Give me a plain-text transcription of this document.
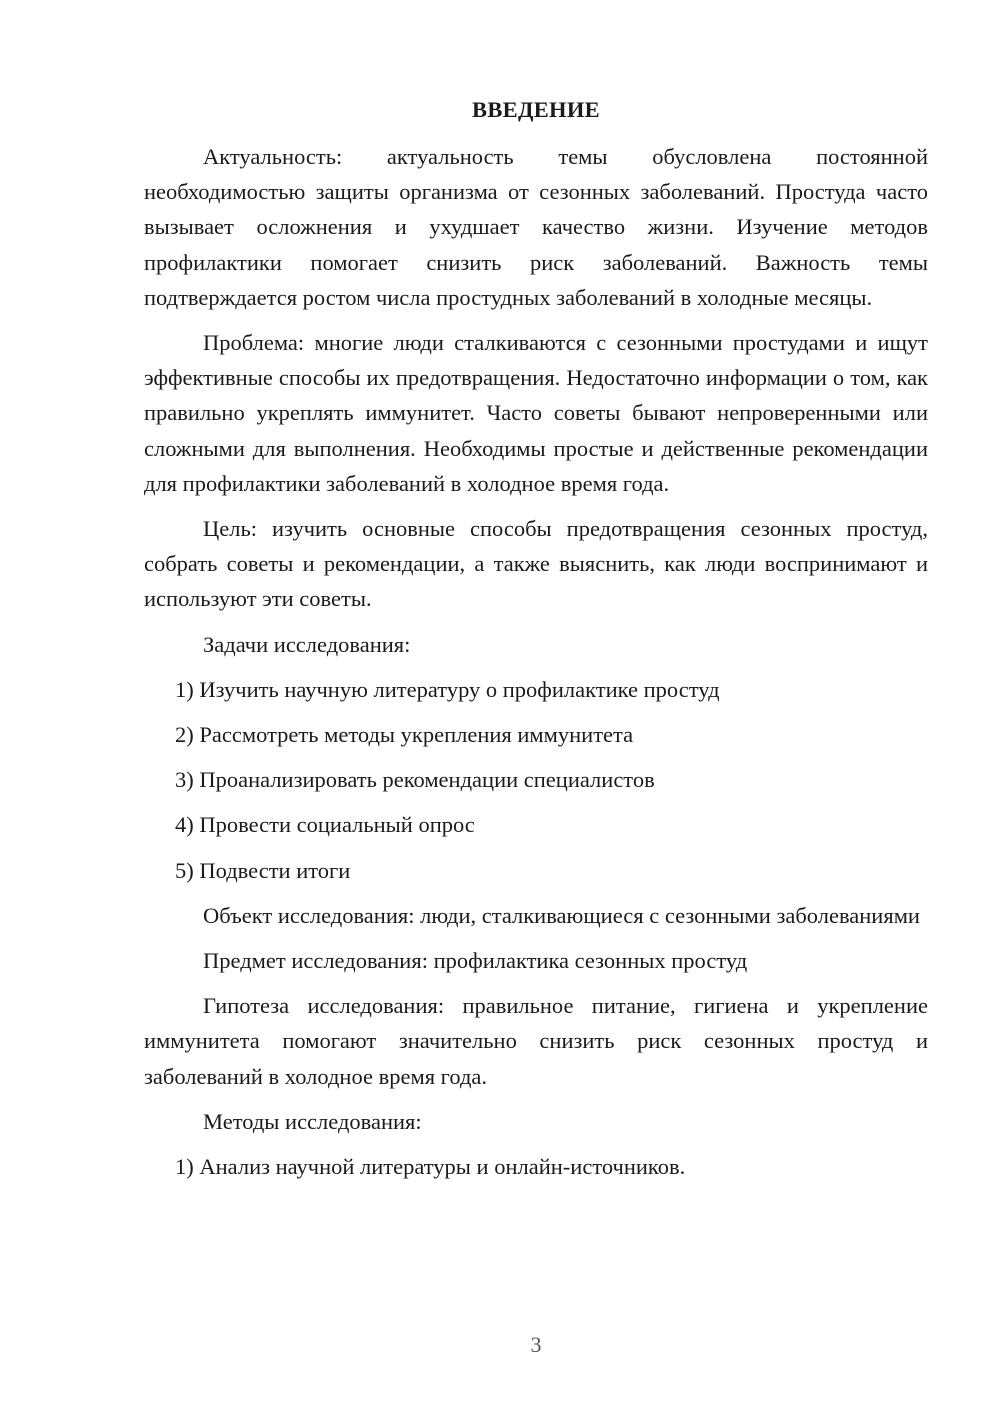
ВВЕДЕНИЕ

Актуальность: актуальность темы обусловлена постоянной необходимостью защиты организма от сезонных заболеваний. Простуда часто вызывает осложнения и ухудшает качество жизни. Изучение методов профилактики помогает снизить риск заболеваний. Важность темы подтверждается ростом числа простудных заболеваний в холодные месяцы.

Проблема: многие люди сталкиваются с сезонными простудами и ищут эффективные способы их предотвращения. Недостаточно информации о том, как правильно укреплять иммунитет. Часто советы бывают непроверенными или сложными для выполнения. Необходимы простые и действенные рекомендации для профилактики заболеваний в холодное время года.

Цель: изучить основные способы предотвращения сезонных простуд, собрать советы и рекомендации, а также выяснить, как люди воспринимают и используют эти советы.

Задачи исследования:

1) Изучить научную литературу о профилактике простуд
2) Рассмотреть методы укрепления иммунитета
3) Проанализировать рекомендации специалистов
4) Провести социальный опрос
5) Подвести итоги

Объект исследования: люди, сталкивающиеся с сезонными заболеваниями

Предмет исследования: профилактика сезонных простуд

Гипотеза исследования: правильное питание, гигиена и укрепление иммунитета помогают значительно снизить риск сезонных простуд и заболеваний в холодное время года.

Методы исследования:

1) Анализ научной литературы и онлайн-источников.
3
